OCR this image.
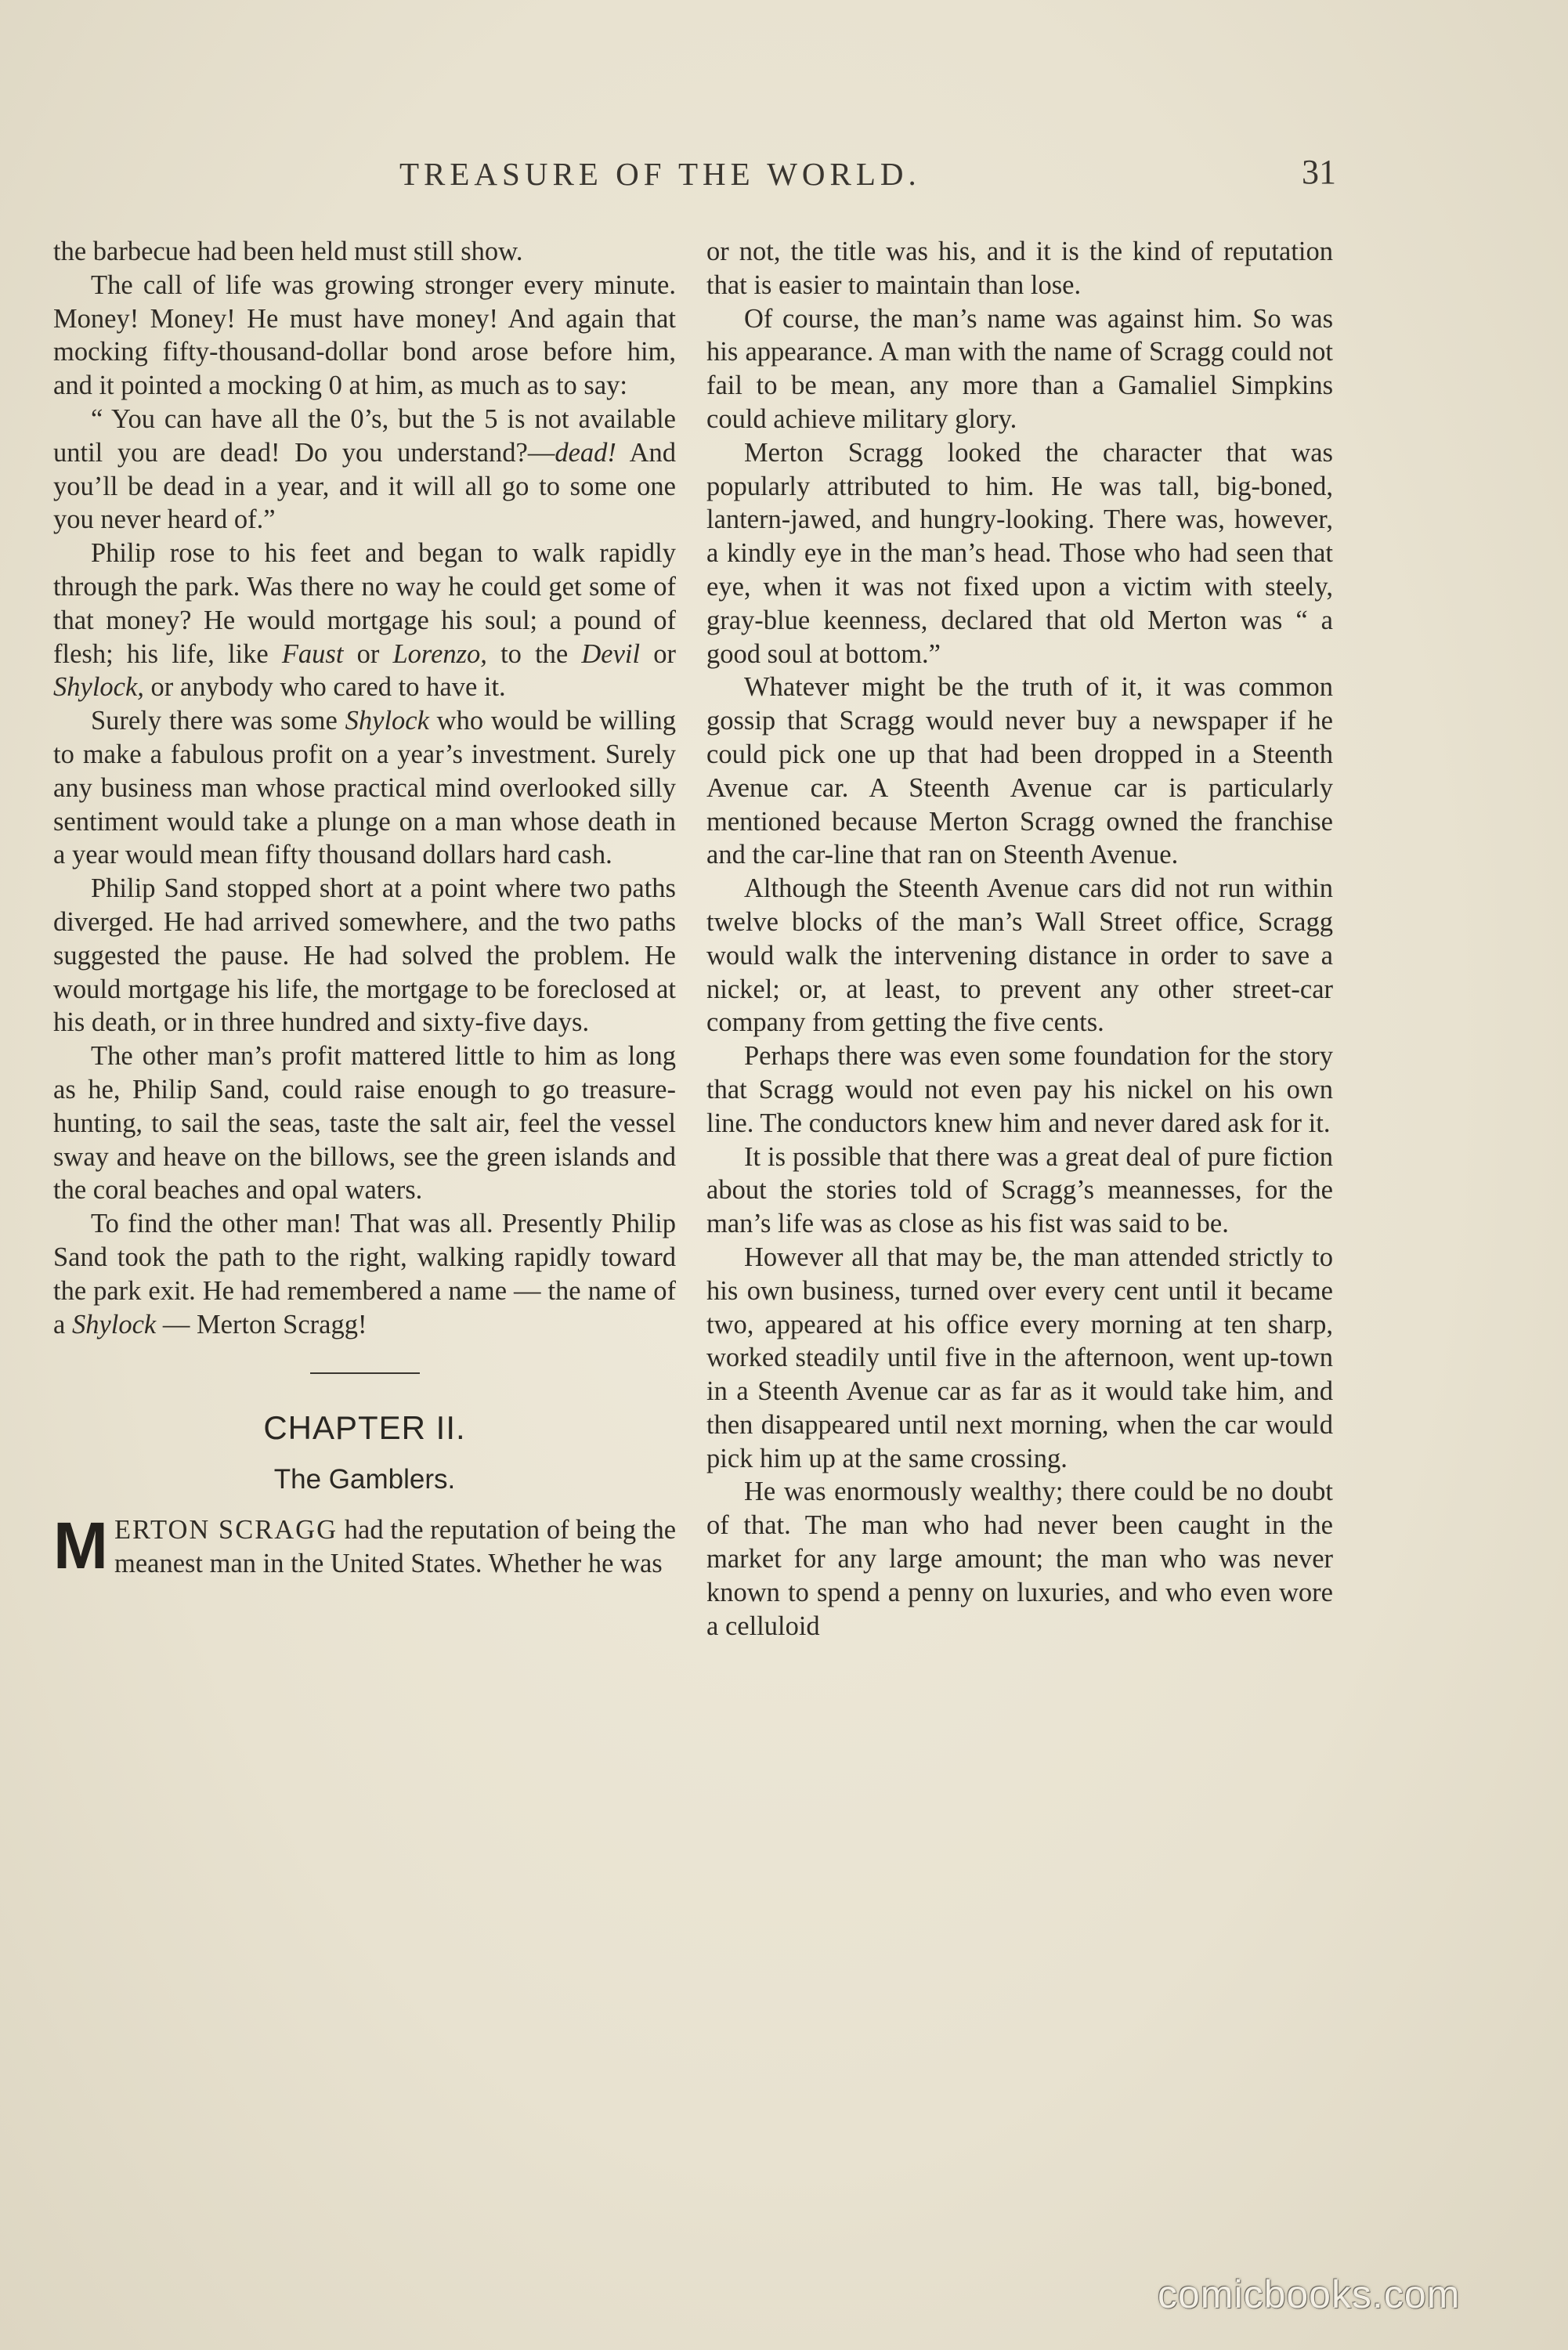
TREASURE OF THE WORLD.	31

the barbecue had been held must still show.

The call of life was growing stronger every minute. Money! Money! He must have money! And again that mocking fifty-thousand-dollar bond arose before him, and it pointed a mocking 0 at him, as much as to say:

“ You can have all the 0’s, but the 5 is not available until you are dead! Do you understand?—dead! And you’ll be dead in a year, and it will all go to some one you never heard of.”

Philip rose to his feet and began to walk rapidly through the park. Was there no way he could get some of that money? He would mortgage his soul; a pound of flesh; his life, like Faust or Lorenzo, to the Devil or Shylock, or anybody who cared to have it.

Surely there was some Shylock who would be willing to make a fabulous profit on a year’s investment. Surely any business man whose practical mind overlooked silly sentiment would take a plunge on a man whose death in a year would mean fifty thousand dollars hard cash.

Philip Sand stopped short at a point where two paths diverged. He had arrived somewhere, and the two paths suggested the pause. He had solved the problem. He would mortgage his life, the mortgage to be foreclosed at his death, or in three hundred and sixty-five days.

The other man’s profit mattered little to him as long as he, Philip Sand, could raise enough to go treasure-hunting, to sail the seas, taste the salt air, feel the vessel sway and heave on the billows, see the green islands and the coral beaches and opal waters.

To find the other man! That was all. Presently Philip Sand took the path to the right, walking rapidly toward the park exit. He had remembered a name — the name of a Shylock — Merton Scragg!

CHAPTER II.
The Gamblers.

MERTON SCRAGG had the reputation of being the meanest man in the United States. Whether he was

or not, the title was his, and it is the kind of reputation that is easier to maintain than lose.

Of course, the man’s name was against him. So was his appearance. A man with the name of Scragg could not fail to be mean, any more than a Gamaliel Simpkins could achieve military glory.

Merton Scragg looked the character that was popularly attributed to him. He was tall, big-boned, lantern-jawed, and hungry-looking. There was, however, a kindly eye in the man’s head. Those who had seen that eye, when it was not fixed upon a victim with steely, gray-blue keenness, declared that old Merton was “ a good soul at bottom.”

Whatever might be the truth of it, it was common gossip that Scragg would never buy a newspaper if he could pick one up that had been dropped in a Steenth Avenue car. A Steenth Avenue car is particularly mentioned because Merton Scragg owned the franchise and the car-line that ran on Steenth Avenue.

Although the Steenth Avenue cars did not run within twelve blocks of the man’s Wall Street office, Scragg would walk the intervening distance in order to save a nickel; or, at least, to prevent any other street-car company from getting the five cents.

Perhaps there was even some foundation for the story that Scragg would not even pay his nickel on his own line. The conductors knew him and never dared ask for it.

It is possible that there was a great deal of pure fiction about the stories told of Scragg’s meannesses, for the man’s life was as close as his fist was said to be.

However all that may be, the man attended strictly to his own business, turned over every cent until it became two, appeared at his office every morning at ten sharp, worked steadily until five in the afternoon, went up-town in a Steenth Avenue car as far as it would take him, and then disappeared until next morning, when the car would pick him up at the same crossing.

He was enormously wealthy; there could be no doubt of that. The man who had never been caught in the market for any large amount; the man who was never known to spend a penny on luxuries, and who even wore a celluloid

comicbooks.com
